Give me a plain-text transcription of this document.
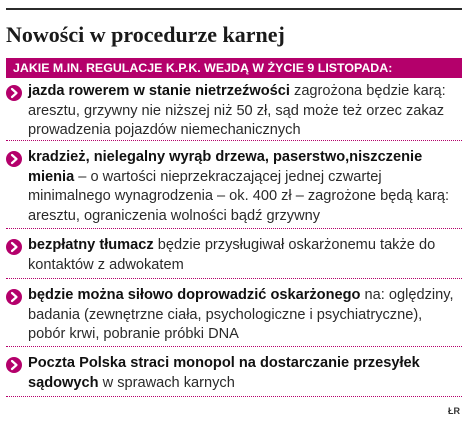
Nowości w procedurze karnej
JAKIE M.IN. REGULACJE K.P.K. WEJDĄ W ŻYCIE 9 LISTOPADA:
jazda rowerem w stanie nietrzeźwości zagrożona będzie karą: aresztu, grzywny nie niższej niż 50 zł, sąd może też orzec zakaz prowadzenia pojazdów niemechanicznych
kradzież, nielegalny wyrąb drzewa, paserstwo,niszczenie mienia – o wartości nieprzekraczającej jednej czwartej minimalnego wynagrodzenia – ok. 400 zł – zagrożone będą karą: aresztu, ograniczenia wolności bądź grzywny
bezpłatny tłumacz będzie przysługiwał oskarżonemu także do kontaktów z adwokatem
będzie można siłowo doprowadzić oskarżonego na: oględziny, badania (zewnętrzne ciała, psychologiczne i psychiatryczne), pobór krwi, pobranie próbki DNA
Poczta Polska straci monopol na dostarczanie przesyłek sądowych w sprawach karnych
ŁR
